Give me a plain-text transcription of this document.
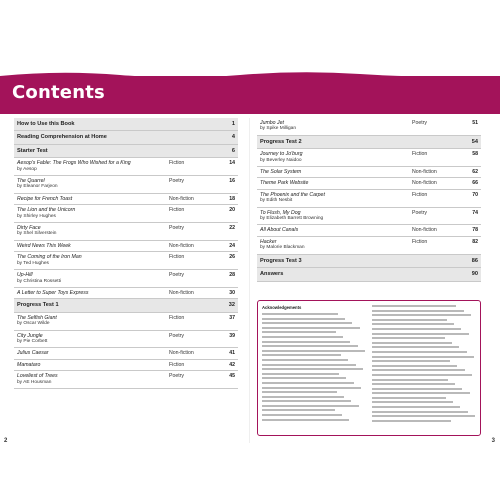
Contents
How to Use this Book	1
Reading Comprehension at Home	4
Starter Test	6
Aesop's Fable: The Frogs Who Wished for a King
by Aesop
Fiction	14
The Quarrel
by Eleanor Farjeon
Poetry	16
Recipe for French Toast	Non-fiction	18
The Lion and the Unicorn
by Shirley Hughes
Fiction	20
Dirty Face
by Shel Silverstein
Poetry	22
Weird News This Week	Non-fiction	24
The Coming of the Iron Man
by Ted Hughes
Fiction	26
Up-Hill
by Christina Rossetti
Poetry	28
A Letter to Super Toys Express	Non-fiction	30
Progress Test 1	32
The Selfish Giant
by Oscar Wilde
Fiction	37
City Jungle
by Pie Corbett
Poetry	39
Julius Caesar	Non-fiction	41
Mamataro	Fiction	42
Loveliest of Trees
by AE Housman
Poetry	45
Jumbo Jet
by Spike Milligan
Poetry	51
Progress Test 2	54
Journey to Jo'burg
by Beverley Naidoo
Fiction	58
The Solar System	Non-fiction	62
Theme Park Website	Non-fiction	66
The Phoenix and the Carpet
by Edith Nesbit
Fiction	70
To Flush, My Dog
by Elizabeth Barrett Browning
Poetry	74
All About Canals	Non-fiction	78
Hacker
by Malorie Blackman
Fiction	82
Progress Test 3	86
Answers	90
Acknowledgements
2	3
